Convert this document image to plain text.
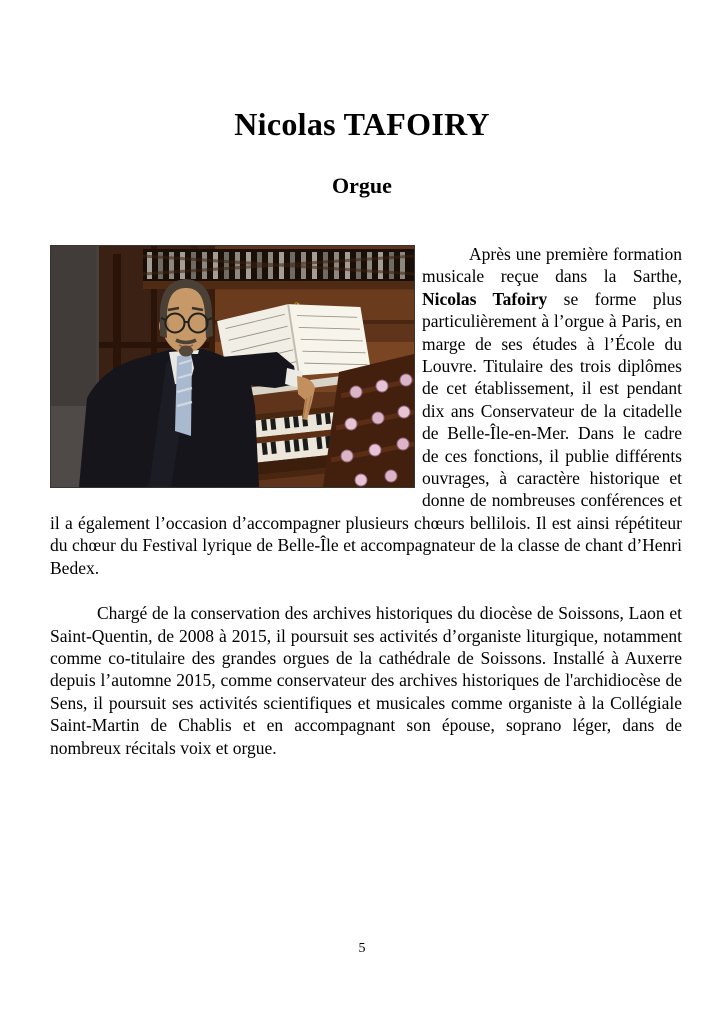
Nicolas TAFOIRY
Orgue

Après une première formation musicale reçue dans la Sarthe, Nicolas Tafoiry se forme plus particulièrement à l’orgue à Paris, en marge de ses études à l’École du Louvre. Titulaire des trois diplômes de cet établissement, il est pendant dix ans Conservateur de la citadelle de Belle-Île-en-Mer. Dans le cadre de ces fonctions, il publie différents ouvrages, à caractère historique et donne de nombreuses conférences et il a également l’occasion d’accompagner plusieurs chœurs bellilois. Il est ainsi répétiteur du chœur du Festival lyrique de Belle-Île et accompagnateur de la classe de chant d’Henri Bedex.

Chargé de la conservation des archives historiques du diocèse de Soissons, Laon et Saint-Quentin, de 2008 à 2015, il poursuit ses activités d’organiste liturgique, notamment comme co-titulaire des grandes orgues de la cathédrale de Soissons. Installé à Auxerre depuis l’automne 2015, comme conservateur des archives historiques de l'archidiocèse de Sens, il poursuit ses activités scientifiques et musicales comme organiste à la Collégiale Saint-Martin de Chablis et en accompagnant son épouse, soprano léger, dans de nombreux récitals voix et orgue.

5
